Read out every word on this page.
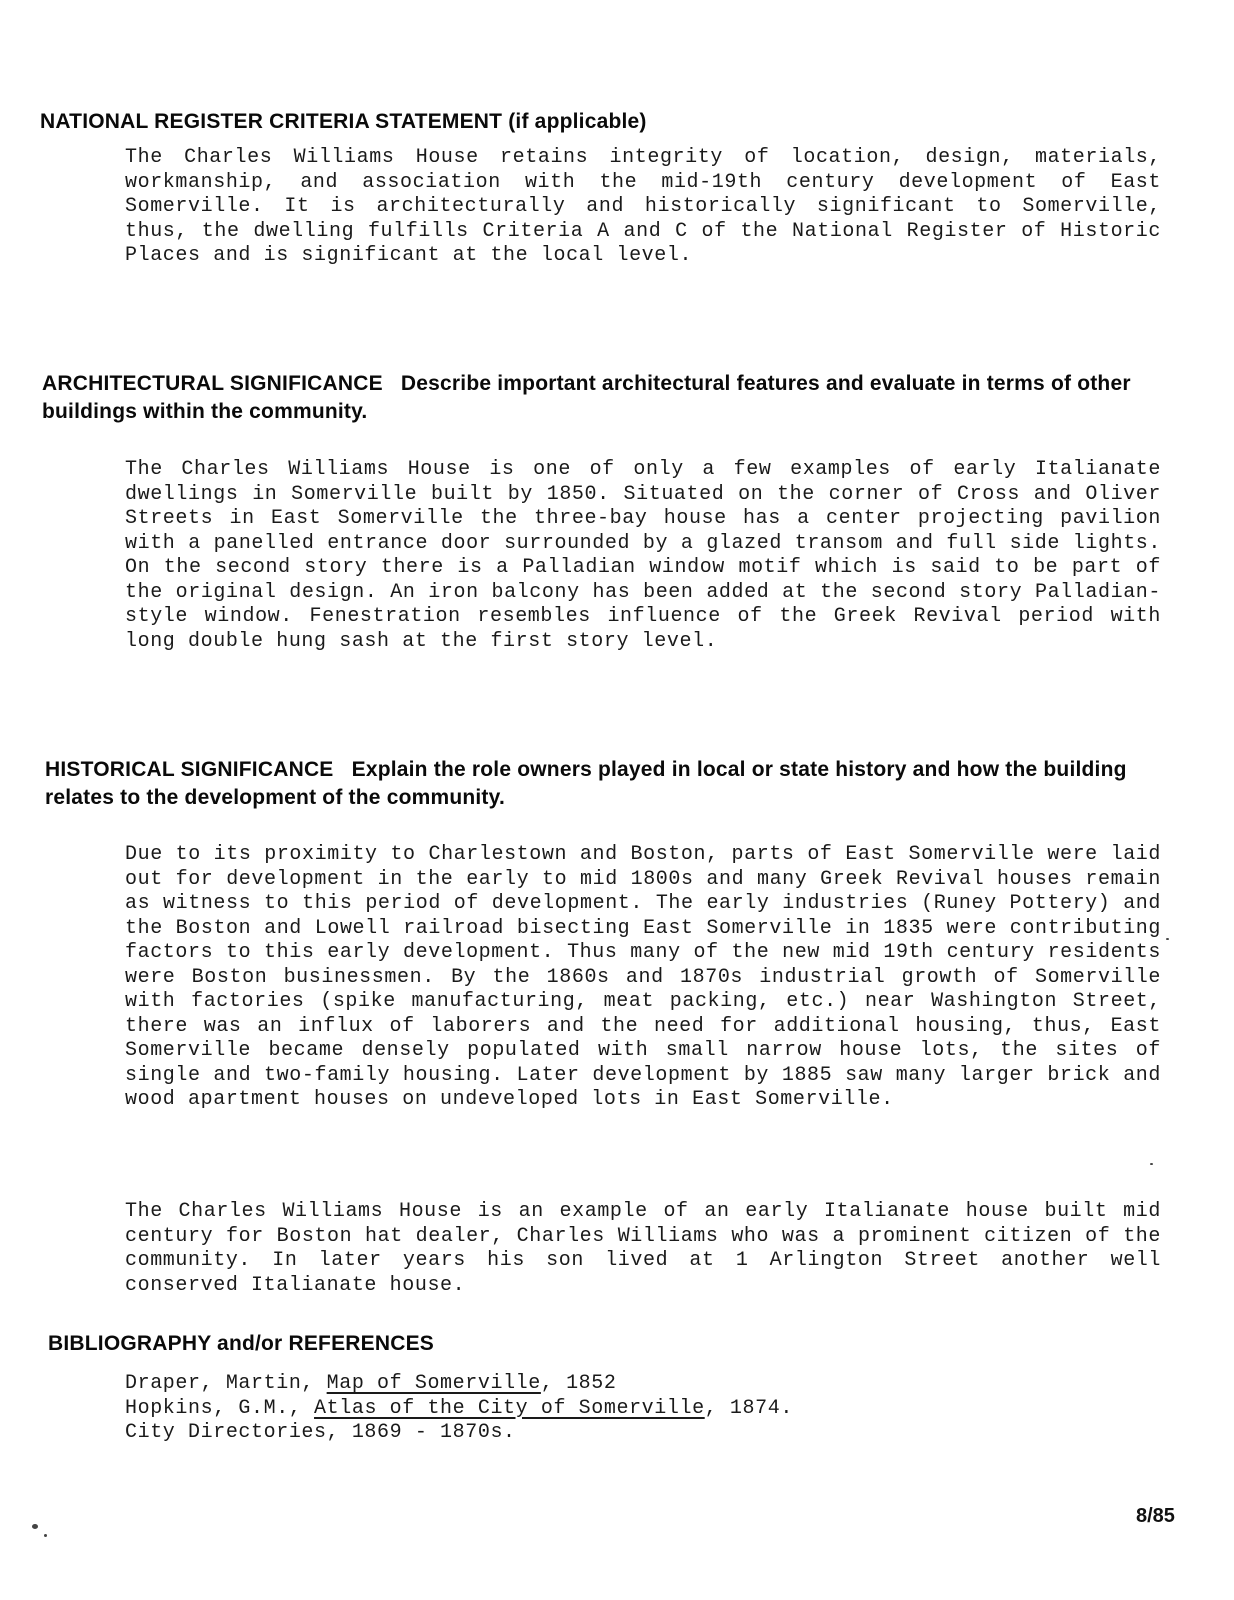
NATIONAL REGISTER CRITERIA STATEMENT (if applicable)
The Charles Williams House retains integrity of location, design, materials, workmanship, and association with the mid-19th century development of East Somerville. It is architecturally and historically significant to Somerville, thus, the dwelling fulfills Criteria A and C of the National Register of Historic Places and is significant at the local level.
ARCHITECTURAL SIGNIFICANCE Describe important architectural features and evaluate in terms of other buildings within the community.
The Charles Williams House is one of only a few examples of early Italianate dwellings in Somerville built by 1850. Situated on the corner of Cross and Oliver Streets in East Somerville the three-bay house has a center projecting pavilion with a panelled entrance door surrounded by a glazed transom and full side lights. On the second story there is a Palladian window motif which is said to be part of the original design. An iron balcony has been added at the second story Palladian-style window. Fenestration resembles influence of the Greek Revival period with long double hung sash at the first story level.
HISTORICAL SIGNIFICANCE Explain the role owners played in local or state history and how the building relates to the development of the community.
Due to its proximity to Charlestown and Boston, parts of East Somerville were laid out for development in the early to mid 1800s and many Greek Revival houses remain as witness to this period of development. The early industries (Runey Pottery) and the Boston and Lowell railroad bisecting East Somerville in 1835 were contributing factors to this early development. Thus many of the new mid 19th century residents were Boston businessmen. By the 1860s and 1870s industrial growth of Somerville with factories (spike manufacturing, meat packing, etc.) near Washington Street, there was an influx of laborers and the need for additional housing, thus, East Somerville became densely populated with small narrow house lots, the sites of single and two-family housing. Later development by 1885 saw many larger brick and wood apartment houses on undeveloped lots in East Somerville.
The Charles Williams House is an example of an early Italianate house built mid century for Boston hat dealer, Charles Williams who was a prominent citizen of the community. In later years his son lived at 1 Arlington Street another well conserved Italianate house.
BIBLIOGRAPHY and/or REFERENCES
Draper, Martin, Map of Somerville, 1852
Hopkins, G.M., Atlas of the City of Somerville, 1874.
City Directories, 1869 - 1870s.
8/85
